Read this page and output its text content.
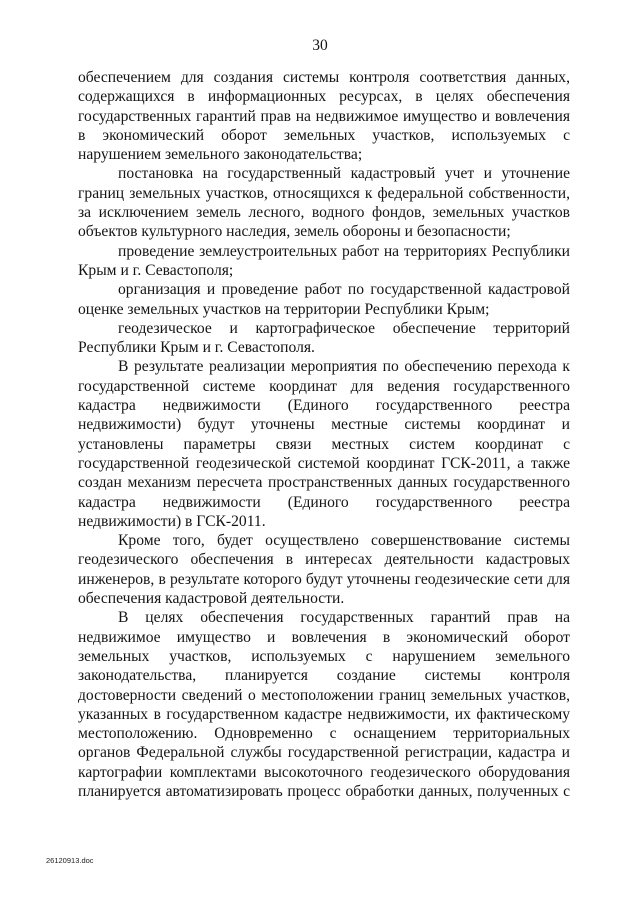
30

обеспечением для создания системы контроля соответствия данных, содержащихся в информационных ресурсах, в целях обеспечения государственных гарантий прав на недвижимое имущество и вовлечения в экономический оборот земельных участков, используемых с нарушением земельного законодательства;

постановка на государственный кадастровый учет и уточнение границ земельных участков, относящихся к федеральной собственности, за исключением земель лесного, водного фондов, земельных участков объектов культурного наследия, земель обороны и безопасности;

проведение землеустроительных работ на территориях Республики Крым и г. Севастополя;

организация и проведение работ по государственной кадастровой оценке земельных участков на территории Республики Крым;

геодезическое и картографическое обеспечение территорий Республики Крым и г. Севастополя.

В результате реализации мероприятия по обеспечению перехода к государственной системе координат для ведения государственного кадастра недвижимости (Единого государственного реестра недвижимости) будут уточнены местные системы координат и установлены параметры связи местных систем координат с государственной геодезической системой координат ГСК-2011, а также создан механизм пересчета пространственных данных государственного кадастра недвижимости (Единого государственного реестра недвижимости) в ГСК-2011.

Кроме того, будет осуществлено совершенствование системы геодезического обеспечения в интересах деятельности кадастровых инженеров, в результате которого будут уточнены геодезические сети для обеспечения кадастровой деятельности.

В целях обеспечения государственных гарантий прав на недвижимое имущество и вовлечения в экономический оборот земельных участков, используемых с нарушением земельного законодательства, планируется создание системы контроля достоверности сведений о местоположении границ земельных участков, указанных в государственном кадастре недвижимости, их фактическому местоположению. Одновременно с оснащением территориальных органов Федеральной службы государственной регистрации, кадастра и картографии комплектами высокоточного геодезического оборудования планируется автоматизировать процесс обработки данных, полученных с

26120913.doc
